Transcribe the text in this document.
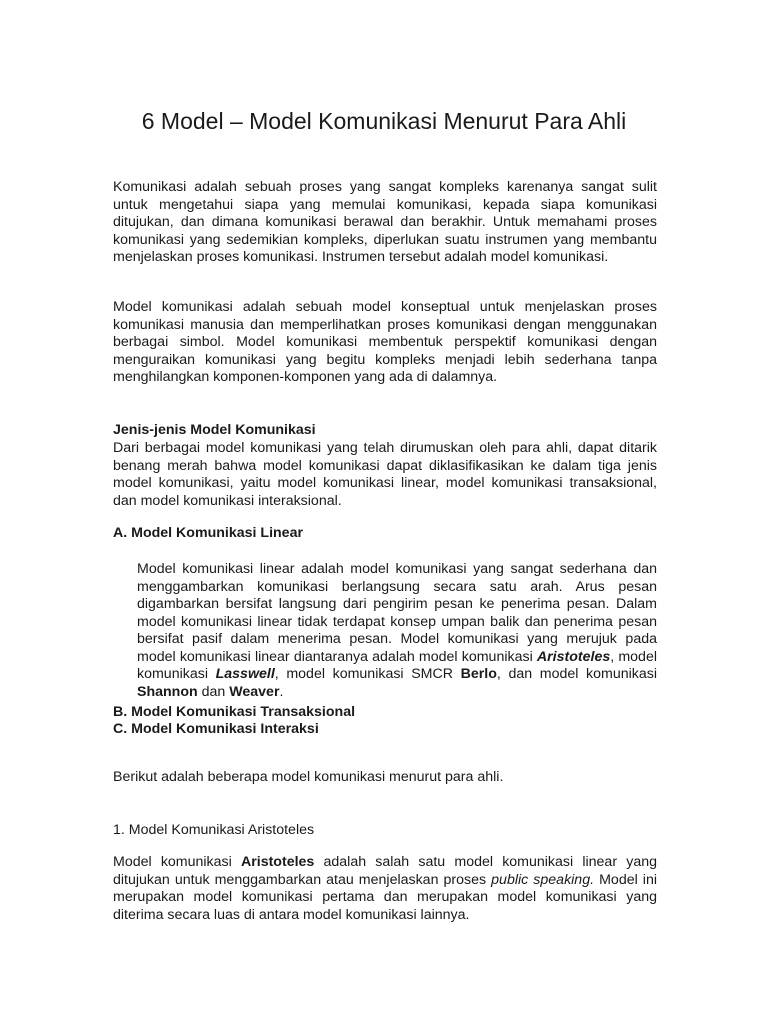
6 Model – Model Komunikasi Menurut Para Ahli

Komunikasi adalah sebuah proses yang sangat kompleks karenanya sangat sulit untuk mengetahui siapa yang memulai komunikasi, kepada siapa komunikasi ditujukan, dan dimana komunikasi berawal dan berakhir. Untuk memahami proses komunikasi yang sedemikian kompleks, diperlukan suatu instrumen yang membantu menjelaskan proses komunikasi. Instrumen tersebut adalah model komunikasi.

Model komunikasi adalah sebuah model konseptual untuk menjelaskan proses komunikasi manusia dan memperlihatkan proses komunikasi dengan menggunakan berbagai simbol. Model komunikasi membentuk perspektif komunikasi dengan menguraikan komunikasi yang begitu kompleks menjadi lebih sederhana tanpa menghilangkan komponen-komponen yang ada di dalamnya.

Jenis-jenis Model Komunikasi

Dari berbagai model komunikasi yang telah dirumuskan oleh para ahli, dapat ditarik benang merah bahwa model komunikasi dapat diklasifikasikan ke dalam tiga jenis model komunikasi, yaitu model komunikasi linear, model komunikasi transaksional, dan model komunikasi interaksional.

A. Model Komunikasi Linear

Model komunikasi linear adalah model komunikasi yang sangat sederhana dan menggambarkan komunikasi berlangsung secara satu arah. Arus pesan digambarkan bersifat langsung dari pengirim pesan ke penerima pesan. Dalam model komunikasi linear tidak terdapat konsep umpan balik dan penerima pesan bersifat pasif dalam menerima pesan. Model komunikasi yang merujuk pada model komunikasi linear diantaranya adalah model komunikasi Aristoteles, model komunikasi Lasswell, model komunikasi SMCR Berlo, dan model komunikasi Shannon dan Weaver.

B. Model Komunikasi Transaksional

C. Model Komunikasi Interaksi

Berikut adalah beberapa model komunikasi menurut para ahli.

1. Model Komunikasi Aristoteles

Model komunikasi Aristoteles adalah salah satu model komunikasi linear yang ditujukan untuk menggambarkan atau menjelaskan proses public speaking. Model ini merupakan model komunikasi pertama dan merupakan model komunikasi yang diterima secara luas di antara model komunikasi lainnya.
